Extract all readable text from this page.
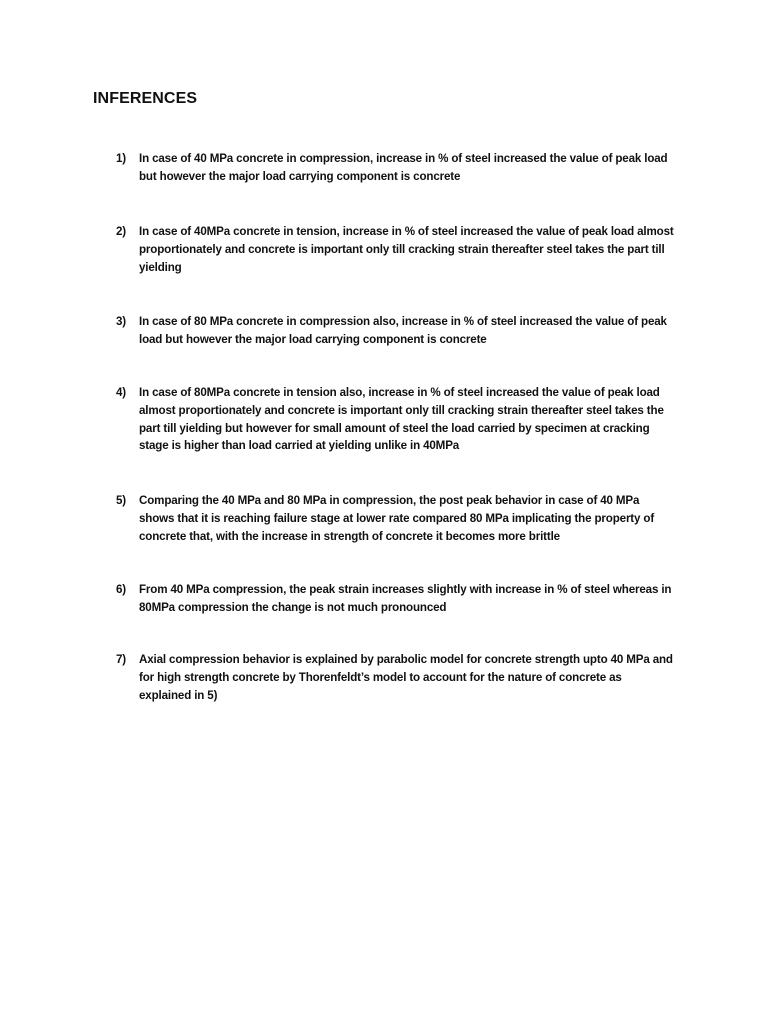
INFERENCES
1)	In case of 40 MPa concrete in compression, increase in % of steel increased the value of peak load but however the major load carrying component is concrete
2)	In case of 40MPa concrete in tension, increase in % of steel increased the value of peak load almost proportionately and concrete is important only till cracking strain thereafter steel takes the part till yielding
3)	In case of 80 MPa concrete in compression also, increase in % of steel increased the value of peak load but however the major load carrying component is concrete
4)	In case of 80MPa concrete in tension also, increase in % of steel increased the value of peak load almost proportionately and concrete is important only till cracking strain thereafter steel takes the part till yielding but however for small amount of steel the load carried by specimen at cracking stage is higher than load carried at yielding unlike in 40MPa
5)	Comparing the 40 MPa and 80 MPa in compression, the post peak behavior in case of 40 MPa shows that it is reaching failure stage at lower rate compared 80 MPa implicating the property of concrete that, with the increase in strength of concrete it becomes more brittle
6)	From 40 MPa compression, the peak strain increases slightly with increase in % of steel whereas in 80MPa compression the change is not much pronounced
7)	Axial compression behavior is explained by parabolic model for concrete strength upto 40 MPa and for high strength concrete by Thorenfeldt’s model to account for the nature of concrete as explained in 5)
